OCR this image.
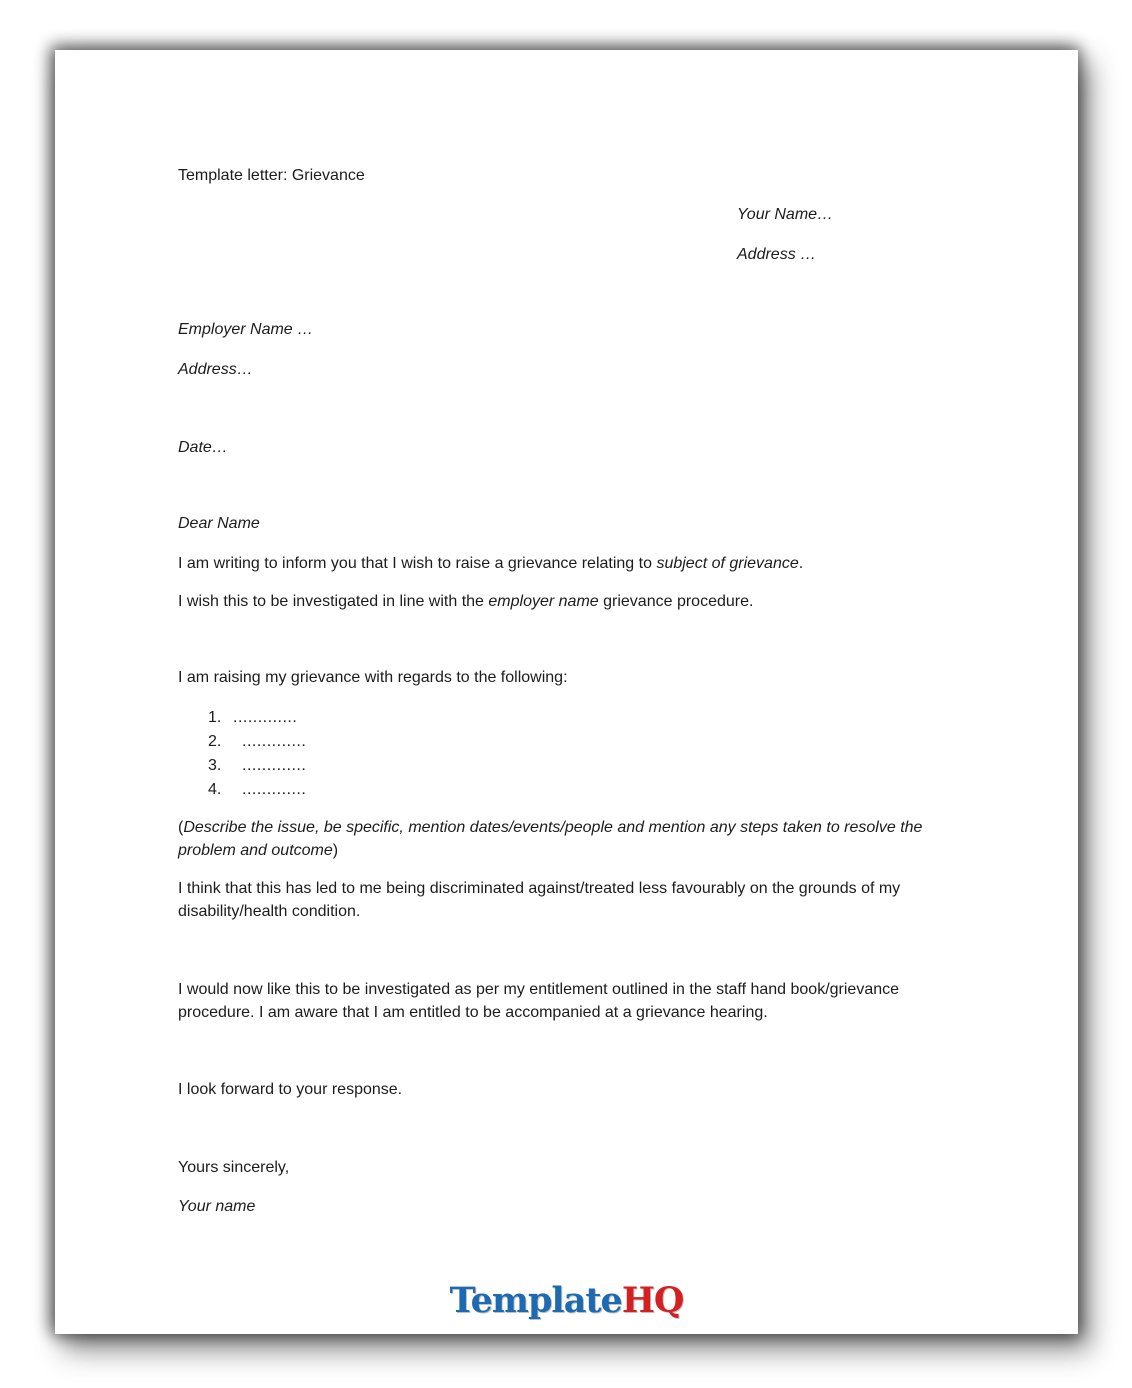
Template letter: Grievance

Your Name…

Address …

Employer Name …

Address…

Date…

Dear Name

I am writing to inform you that I wish to raise a grievance relating to subject of grievance.

I wish this to be investigated in line with the employer name grievance procedure.

I am raising my grievance with regards to the following:

1. .............
2. .............
3. .............
4. .............

(Describe the issue, be specific, mention dates/events/people and mention any steps taken to resolve the problem and outcome)

I think that this has led to me being discriminated against/treated less favourably on the grounds of my disability/health condition.

I would now like this to be investigated as per my entitlement outlined in the staff hand book/grievance procedure. I am aware that I am entitled to be accompanied at a grievance hearing.

I look forward to your response.

Yours sincerely,

Your name

TemplateHQ
